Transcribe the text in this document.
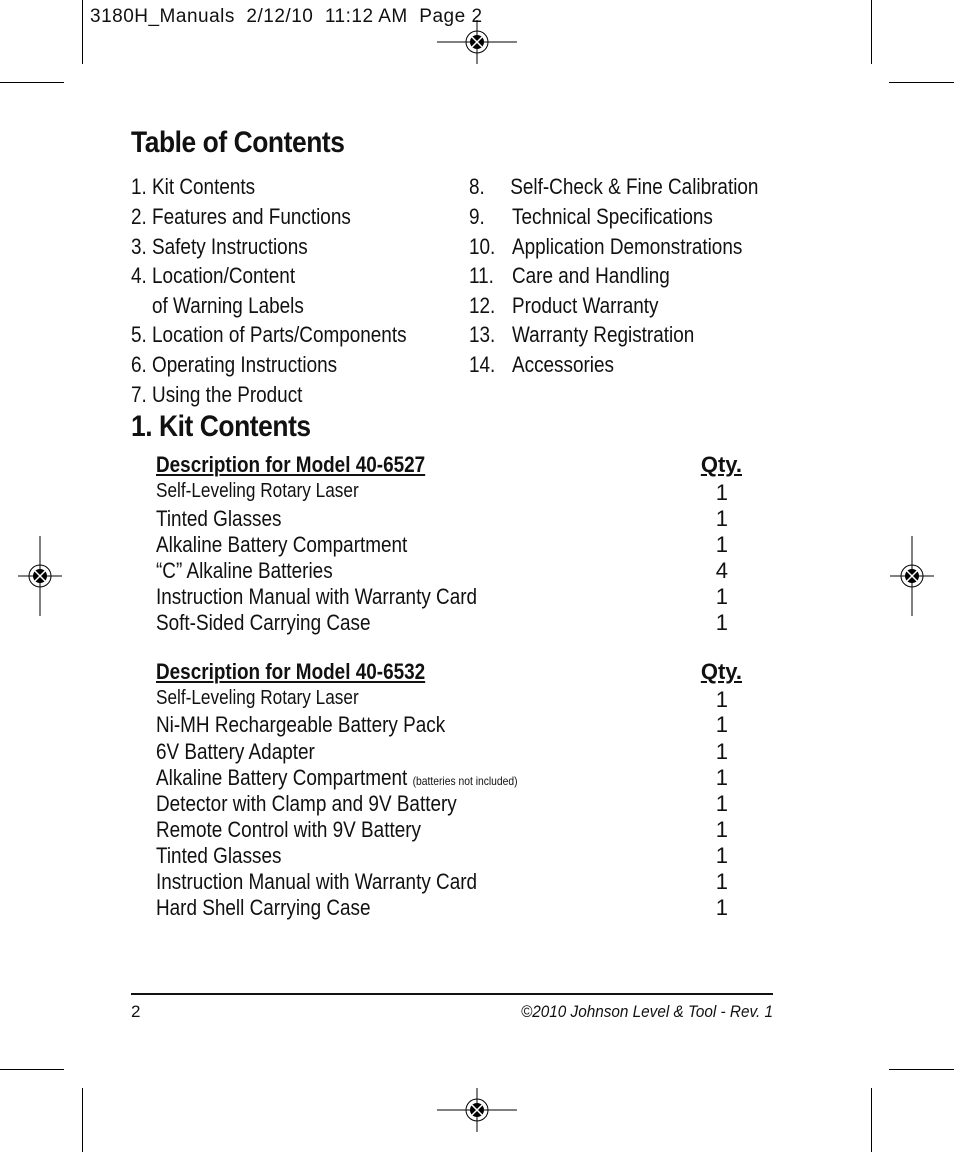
3180H_Manuals  2/12/10  11:12 AM  Page 2
Table of Contents
1. Kit Contents
2. Features and Functions
3. Safety Instructions
4. Location/Content
of Warning Labels
5. Location of Parts/Components
6. Operating Instructions
7. Using the Product
8. Self-Check & Fine Calibration
9. Technical Specifications
10. Application Demonstrations
11. Care and Handling
12. Product Warranty
13. Warranty Registration
14. Accessories
1. Kit Contents
Description for Model 40-6527	Qty.
Self-Leveling Rotary Laser	1
Tinted Glasses	1
Alkaline Battery Compartment	1
“C” Alkaline Batteries	4
Instruction Manual with Warranty Card	1
Soft-Sided Carrying Case	1
Description for Model 40-6532	Qty.
Self-Leveling Rotary Laser	1
Ni-MH Rechargeable Battery Pack	1
6V Battery Adapter	1
Alkaline Battery Compartment (batteries not included)	1
Detector with Clamp and 9V Battery	1
Remote Control with 9V Battery	1
Tinted Glasses	1
Instruction Manual with Warranty Card	1
Hard Shell Carrying Case	1
2	©2010 Johnson Level & Tool - Rev. 1
